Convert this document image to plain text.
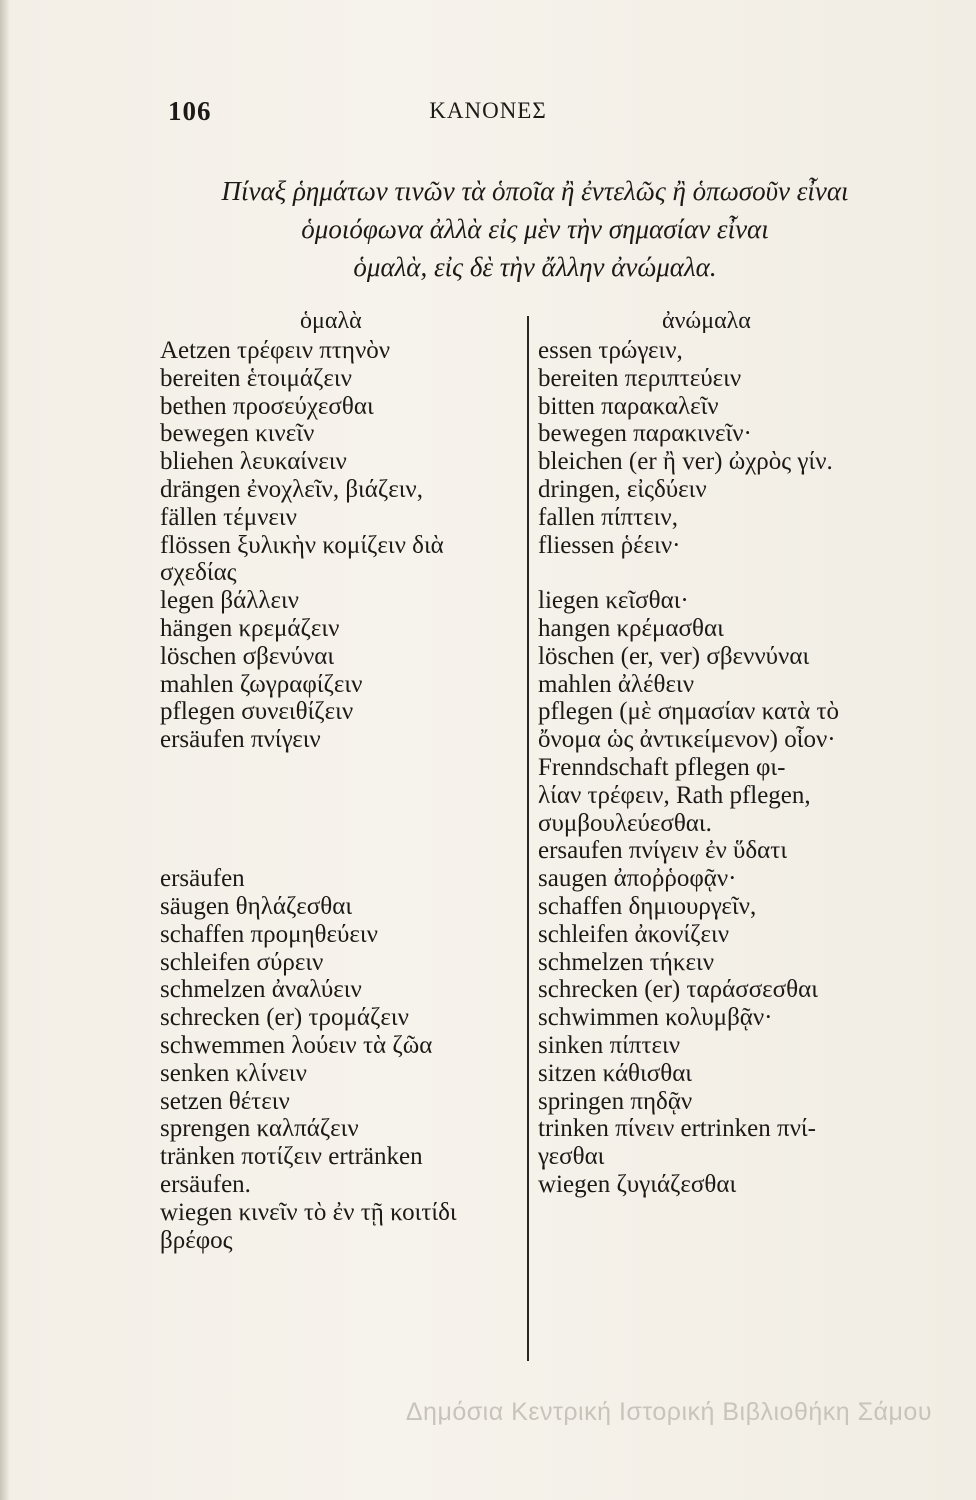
106	ΚΑΝΟΝΕΣ
Πίναξ ῥημάτων τινῶν τὰ ὁποῖα ἢ ἐντελῶς ἢ ὁπωσοῦν εἶναι
ὁμοιόφωνα ἀλλὰ εἰς μὲν τὴν σημασίαν εἶναι
ὁμαλὰ, εἰς δὲ τὴν ἄλλην ἀνώμαλα.
ὁμαλὰ	ἀνώμαλα
Aetzen τρέφειν πτηνὸν
bereiten ἑτοιμάζειν
bethen προσεύχεσθαι
bewegen κινεῖν
bliehen λευκαίνειν
drängen ἐνοχλεῖν, βιάζειν,
fällen τέμνειν
flössen ξυλικὴν κομίζειν διὰ
σχεδίας
legen βάλλειν
hängen κρεμάζειν
löschen σβενύναι
mahlen ζωγραφίζειν
pflegen συνειθίζειν
ersäufen πνίγειν
ersäufen
säugen θηλάζεσθαι
schaffen προμηθεύειν
schleifen σύρειν
schmelzen ἀναλύειν
schrecken (er) τρομάζειν
schwemmen λούειν τὰ ζῶα
senken κλίνειν
setzen θέτειν
sprengen καλπάζειν
tränken ποτίζειν ertränken
ersäufen.
wiegen κινεῖν τὸ ἐν τῇ κοιτίδι
βρέφος
essen τρώγειν,
bereiten περιπτεύειν
bitten παρακαλεῖν
bewegen παρακινεῖν·
bleichen (er ἢ ver) ὠχρὸς γίν.
dringen, εἰςδύειν
fallen πίπτειν,
fliessen ῥέειν·
liegen κεῖσθαι·
hangen κρέμασθαι
löschen (er, ver) σβεννύναι
mahlen ἀλέθειν
pflegen (μὲ σημασίαν κατὰ τὸ
ὄνομα ὡς ἀντικείμενον) οἷον·
Frenndschaft pflegen φι-
λίαν τρέφειν, Rath pflegen,
συμβουλεύεσθαι.
ersaufen πνίγειν ἐν ὕδατι
saugen ἀποῤῥοφᾷν·
schaffen δημιουργεῖν,
schleifen ἀκονίζειν
schmelzen τήκειν
schrecken (er) ταράσσεσθαι
schwimmen κολυμβᾷν·
sinken πίπτειν
sitzen κάθισθαι
springen πηδᾷν
trinken πίνειν ertrinken πνί-
γεσθαι
wiegen ζυγιάζεσθαι
Δημόσια Κεντρική Ιστορική Βιβλιοθήκη Σάμου
